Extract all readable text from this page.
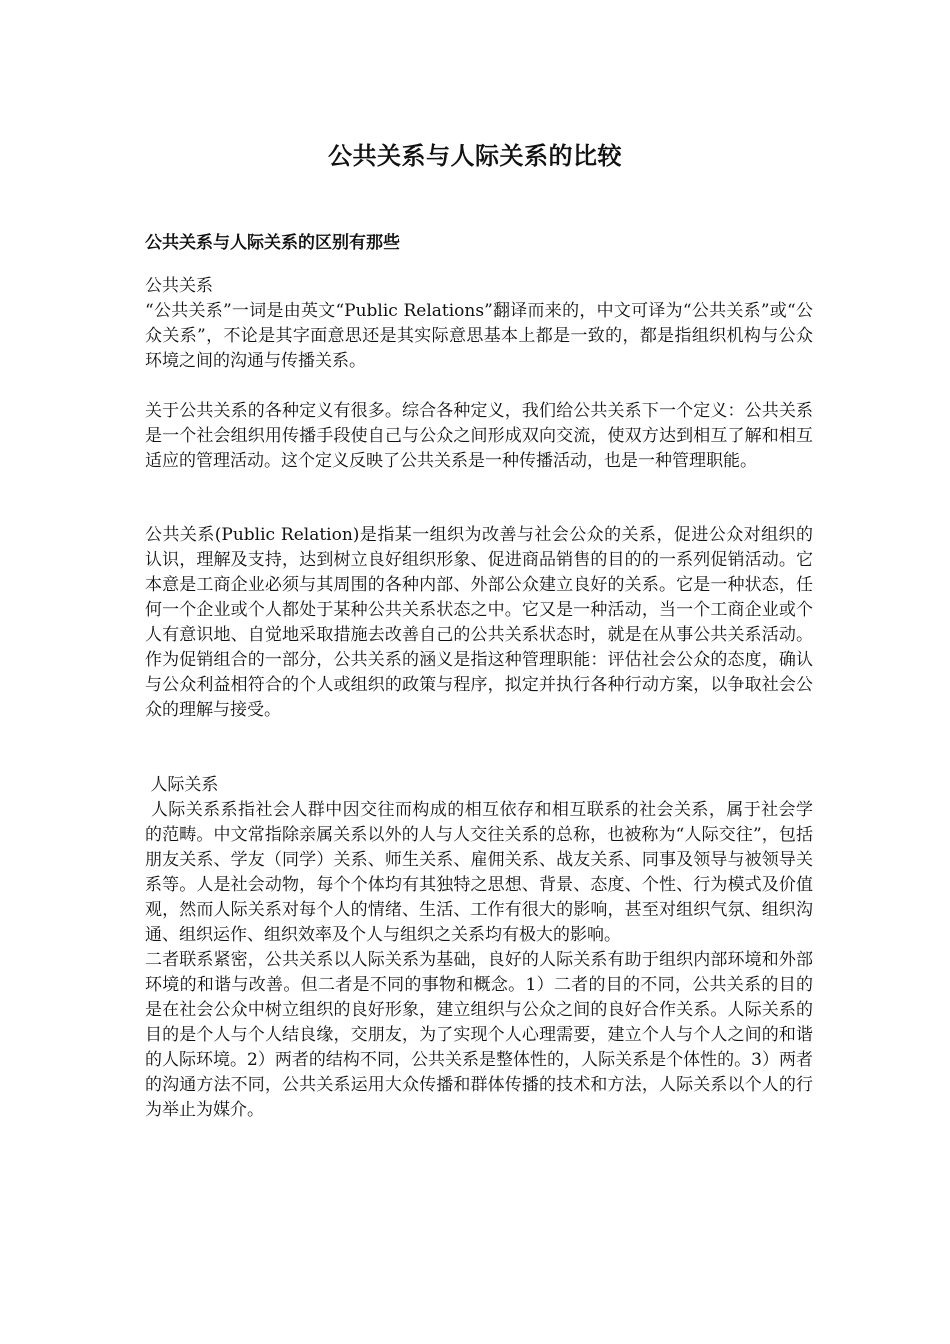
公共关系与人际关系的比较
公共关系与人际关系的区别有那些
公共关系
“公共关系”一词是由英文“Public Relations”翻译而来的，中文可译为“公共关系”或“公众关系”，不论是其字面意思还是其实际意思基本上都是一致的，都是指组织机构与公众环境之间的沟通与传播关系。
关于公共关系的各种定义有很多。综合各种定义，我们给公共关系下一个定义：公共关系是一个社会组织用传播手段使自己与公众之间形成双向交流，使双方达到相互了解和相互适应的管理活动。这个定义反映了公共关系是一种传播活动，也是一种管理职能。
公共关系(Public Relation)是指某一组织为改善与社会公众的关系，促进公众对组织的认识，理解及支持，达到树立良好组织形象、促进商品销售的目的的一系列促销活动。它本意是工商企业必须与其周围的各种内部、外部公众建立良好的关系。它是一种状态，任何一个企业或个人都处于某种公共关系状态之中。它又是一种活动，当一个工商企业或个人有意识地、自觉地采取措施去改善自己的公共关系状态时，就是在从事公共关系活动。作为促销组合的一部分，公共关系的涵义是指这种管理职能：评估社会公众的态度，确认与公众利益相符合的个人或组织的政策与程序，拟定并执行各种行动方案，以争取社会公众的理解与接受。
人际关系
人际关系系指社会人群中因交往而构成的相互依存和相互联系的社会关系，属于社会学的范畴。中文常指除亲属关系以外的人与人交往关系的总称，也被称为“人际交往”，包括朋友关系、学友（同学）关系、师生关系、雇佣关系、战友关系、同事及领导与被领导关系等。人是社会动物，每个个体均有其独特之思想、背景、态度、个性、行为模式及价值观，然而人际关系对每个人的情绪、生活、工作有很大的影响，甚至对组织气氛、组织沟通、组织运作、组织效率及个人与组织之关系均有极大的影响。
二者联系紧密，公共关系以人际关系为基础，良好的人际关系有助于组织内部环境和外部环境的和谐与改善。但二者是不同的事物和概念。1）二者的目的不同，公共关系的目的是在社会公众中树立组织的良好形象，建立组织与公众之间的良好合作关系。人际关系的目的是个人与个人结良缘，交朋友，为了实现个人心理需要，建立个人与个人之间的和谐的人际环境。2）两者的结构不同，公共关系是整体性的，人际关系是个体性的。3）两者的沟通方法不同，公共关系运用大众传播和群体传播的技术和方法，人际关系以个人的行为举止为媒介。
